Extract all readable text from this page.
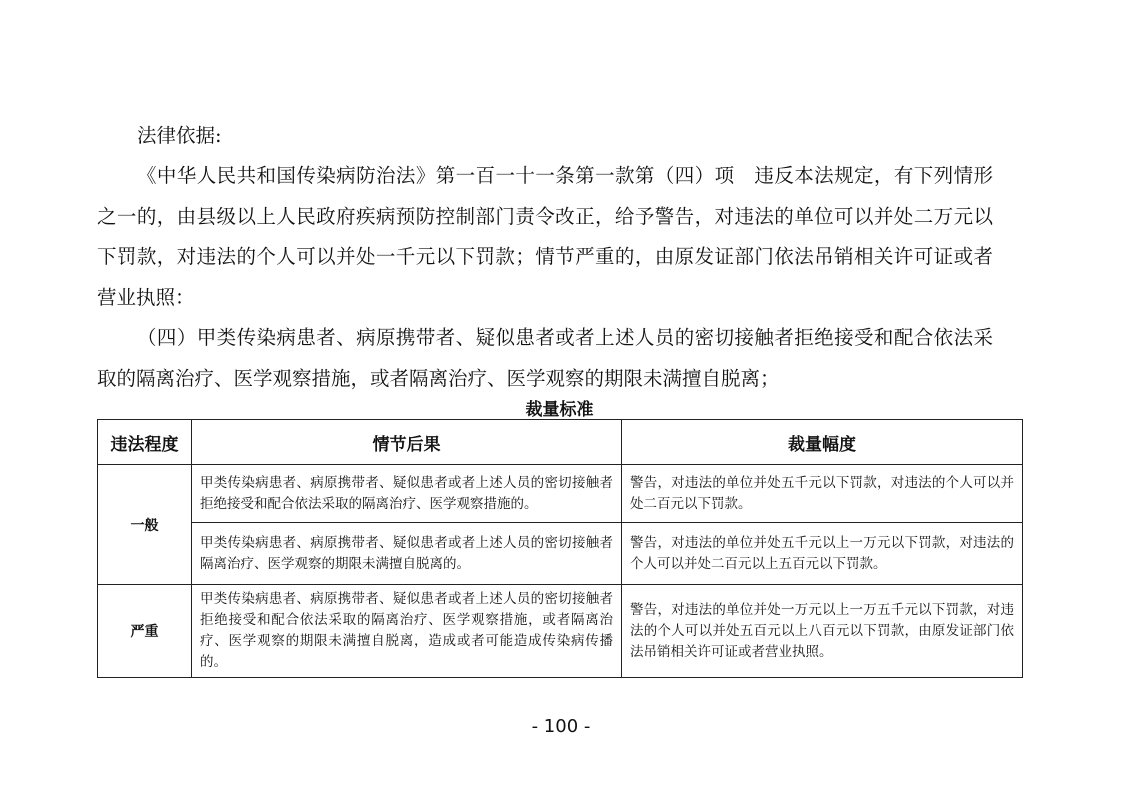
法律依据:

《中华人民共和国传染病防治法》第一百一十一条第一款第（四）项　违反本法规定，有下列情形之一的，由县级以上人民政府疾病预防控制部门责令改正，给予警告，对违法的单位可以并处二万元以下罚款，对违法的个人可以并处一千元以下罚款；情节严重的，由原发证部门依法吊销相关许可证或者营业执照：

（四）甲类传染病患者、病原携带者、疑似患者或者上述人员的密切接触者拒绝接受和配合依法采取的隔离治疗、医学观察措施，或者隔离治疗、医学观察的期限未满擅自脱离；

裁量标准
违法程度	情节后果	裁量幅度
一般	甲类传染病患者、病原携带者、疑似患者或者上述人员的密切接触者拒绝接受和配合依法采取的隔离治疗、医学观察措施的。	警告，对违法的单位并处五千元以下罚款，对违法的个人可以并处二百元以下罚款。
	甲类传染病患者、病原携带者、疑似患者或者上述人员的密切接触者隔离治疗、医学观察的期限未满擅自脱离的。	警告，对违法的单位并处五千元以上一万元以下罚款，对违法的个人可以并处二百元以上五百元以下罚款。
严重	甲类传染病患者、病原携带者、疑似患者或者上述人员的密切接触者拒绝接受和配合依法采取的隔离治疗、医学观察措施，或者隔离治疗、医学观察的期限未满擅自脱离，造成或者可能造成传染病传播的。	警告，对违法的单位并处一万元以上一万五千元以下罚款，对违法的个人可以并处五百元以上八百元以下罚款，由原发证部门依法吊销相关许可证或者营业执照。
- 100 -
